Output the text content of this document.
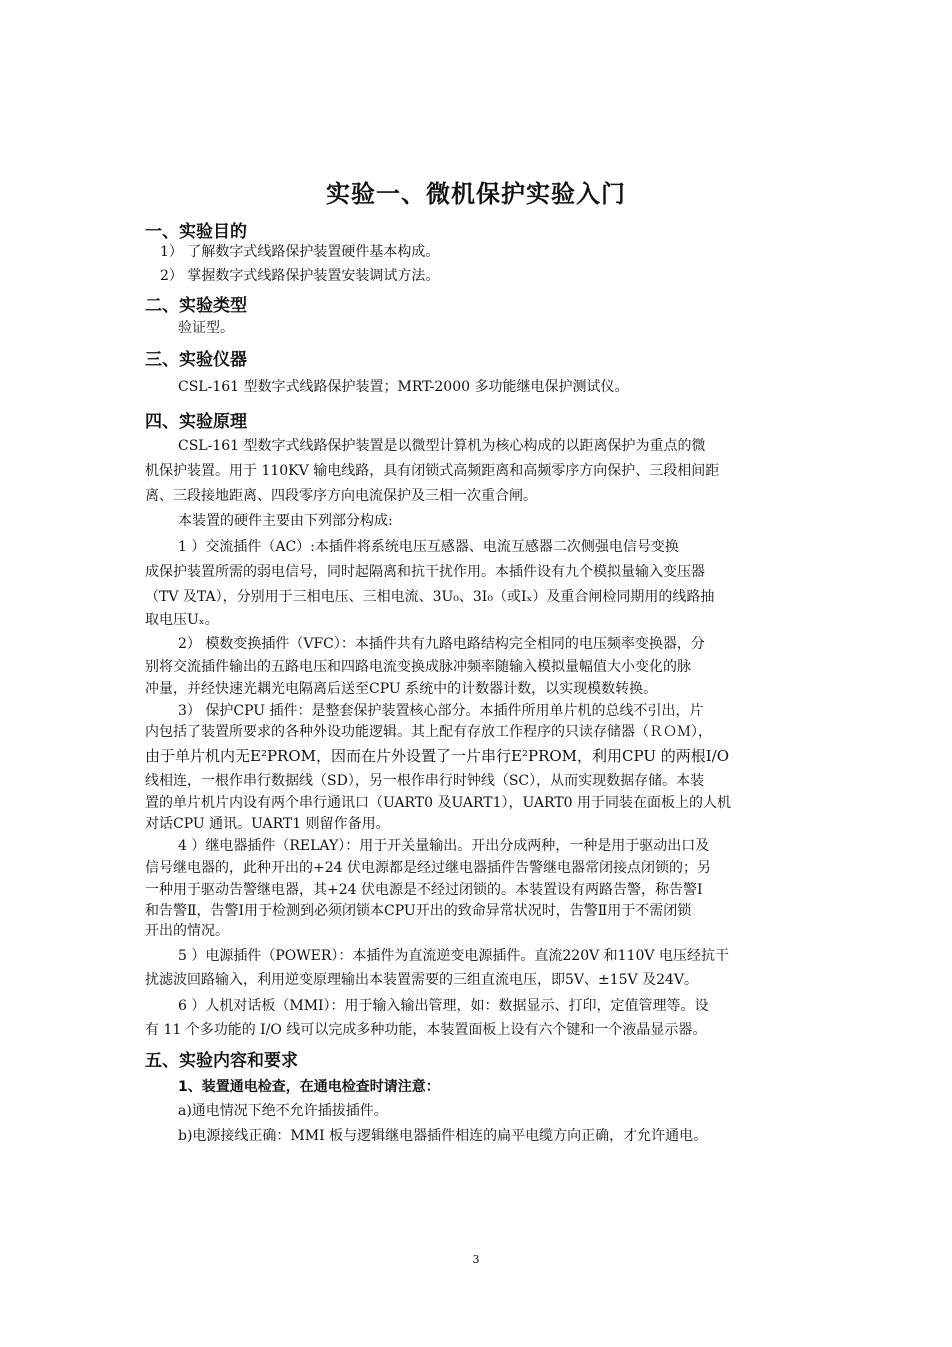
实验一、微机保护实验入门
一、实验目的
1） 了解数字式线路保护装置硬件基本构成。
2） 掌握数字式线路保护装置安装调试方法。
二、实验类型
验证型。
三、实验仪器
CSL-161 型数字式线路保护装置；MRT-2000 多功能继电保护测试仪。
四、实验原理
CSL-161 型数字式线路保护装置是以微型计算机为核心构成的以距离保护为重点的微
机保护装置。用于 110KV 输电线路，具有闭锁式高频距离和高频零序方向保护、三段相间距
离、三段接地距离、四段零序方向电流保护及三相一次重合闸。
本装置的硬件主要由下列部分构成:
1 ）交流插件（AC）:本插件将系统电压互感器、电流互感器二次侧强电信号变换
成保护装置所需的弱电信号，同时起隔离和抗干扰作用。本插件设有九个模拟量输入变压器
（TV 及TA），分别用于三相电压、三相电流、3U₀、3I₀（或Iₓ）及重合闸检同期用的线路抽
取电压Uₓ。
2） 模数变换插件（VFC）：本插件共有九路电路结构完全相同的电压频率变换器，分
别将交流插件输出的五路电压和四路电流变换成脉冲频率随输入模拟量幅值大小变化的脉
冲量，并经快速光耦光电隔离后送至CPU 系统中的计数器计数，以实现模数转换。
3） 保护CPU 插件：是整套保护装置核心部分。本插件所用单片机的总线不引出，片
内包括了装置所要求的各种外设功能逻辑。其上配有存放工作程序的只读存储器（ＲＯＭ），
由于单片机内无E²PROM，因而在片外设置了一片串行E²PROM，利用CPU 的两根I/O
线相连，一根作串行数据线（SD），另一根作串行时钟线（SC），从而实现数据存储。本装
置的单片机片内设有两个串行通讯口（UART0 及UART1），UART0 用于同装在面板上的人机
对话CPU 通讯。UART1 则留作备用。
4 ）继电器插件（RELAY）：用于开关量输出。开出分成两种，一种是用于驱动出口及
信号继电器的，此种开出的+24 伏电源都是经过继电器插件告警继电器常闭接点闭锁的；另
一种用于驱动告警继电器，其+24 伏电源是不经过闭锁的。本装置设有两路告警，称告警Ⅰ
和告警Ⅱ，告警Ⅰ用于检测到必须闭锁本CPU开出的致命异常状况时，告警Ⅱ用于不需闭锁
开出的情况。
5 ）电源插件（POWER）：本插件为直流逆变电源插件。直流220V 和110V 电压经抗干
扰滤波回路输入，利用逆变原理输出本装置需要的三组直流电压，即5V、±15V 及24V。
6 ）人机对话板（MMI）：用于输入输出管理，如：数据显示、打印，定值管理等。设
有 11 个多功能的 I/O 线可以完成多种功能，本装置面板上设有六个键和一个液晶显示器。
五、实验内容和要求
1、装置通电检查，在通电检查时请注意：
a)通电情况下绝不允许插拔插件。
b)电源接线正确：MMI 板与逻辑继电器插件相连的扁平电缆方向正确，才允许通电。
3
